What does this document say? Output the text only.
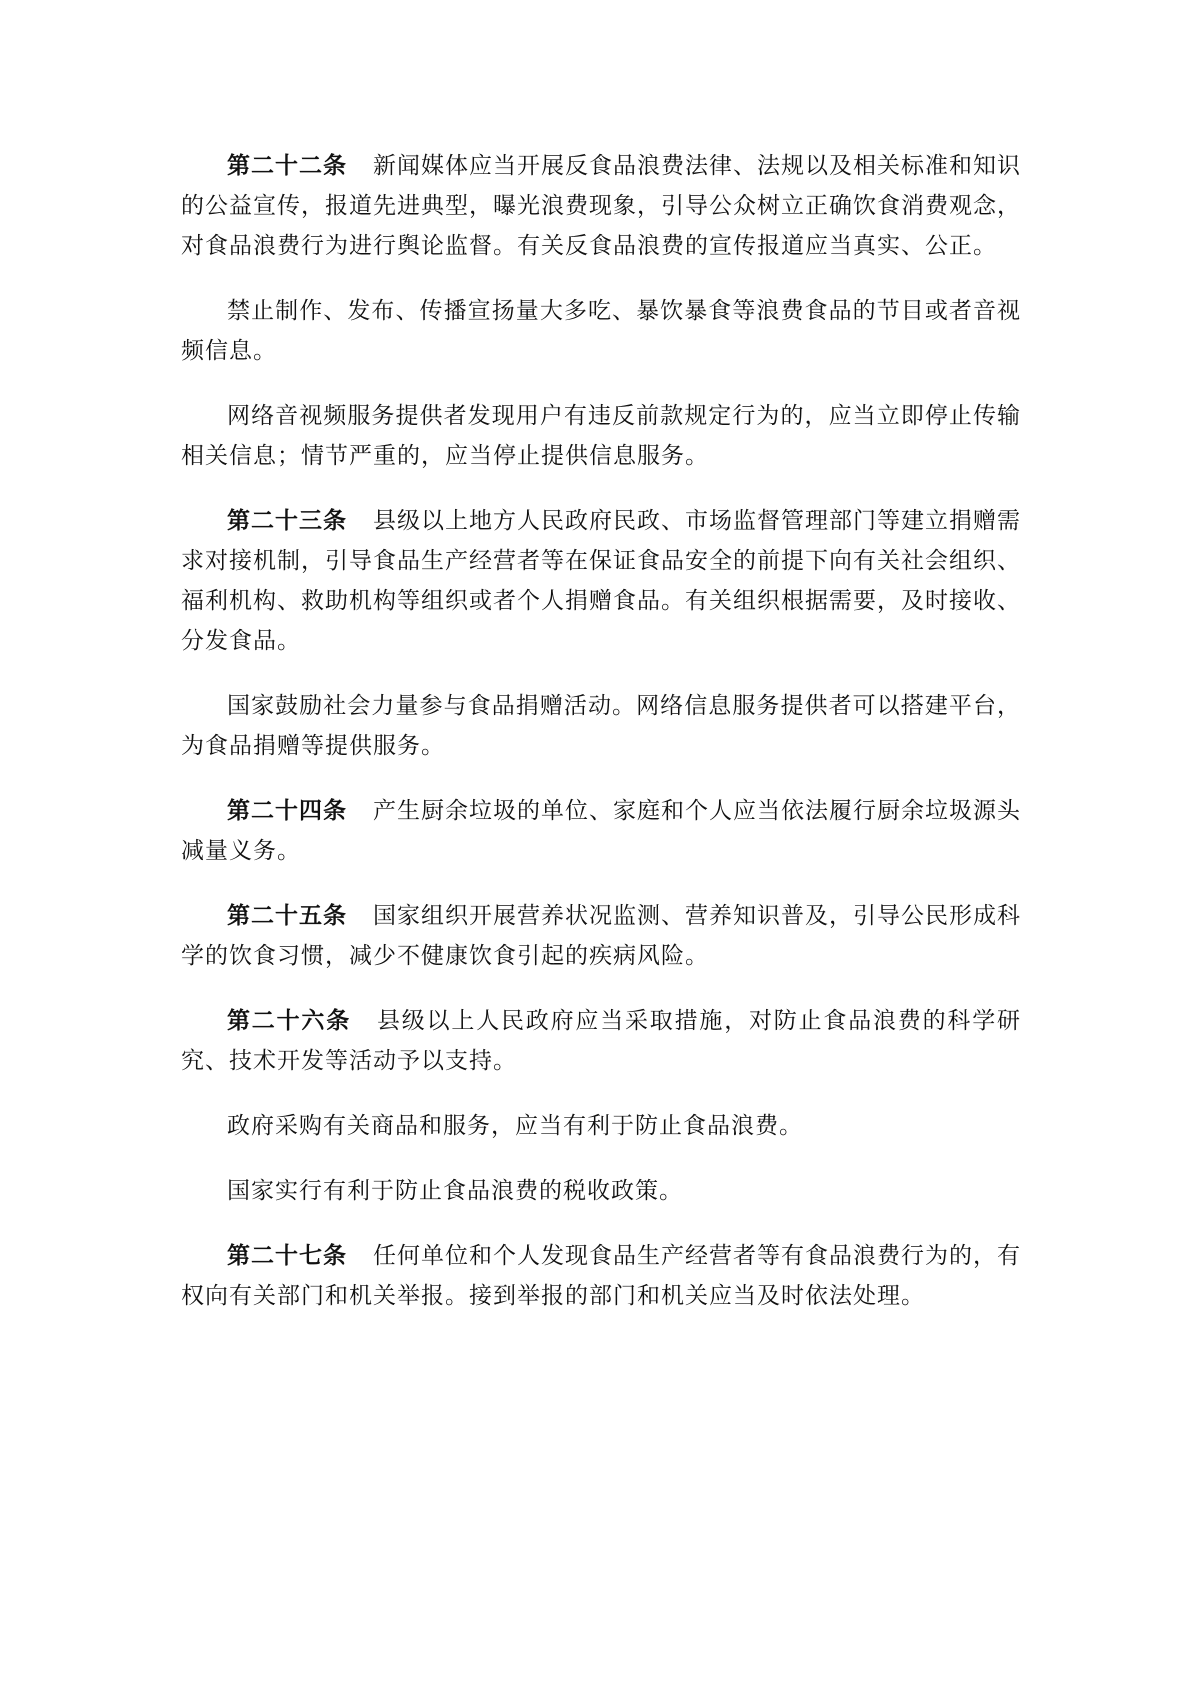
第二十二条 新闻媒体应当开展反食品浪费法律、法规以及相关标准和知识的公益宣传，报道先进典型，曝光浪费现象，引导公众树立正确饮食消费观念，对食品浪费行为进行舆论监督。有关反食品浪费的宣传报道应当真实、公正。

禁止制作、发布、传播宣扬量大多吃、暴饮暴食等浪费食品的节目或者音视频信息。

网络音视频服务提供者发现用户有违反前款规定行为的，应当立即停止传输相关信息；情节严重的，应当停止提供信息服务。

第二十三条 县级以上地方人民政府民政、市场监督管理部门等建立捐赠需求对接机制，引导食品生产经营者等在保证食品安全的前提下向有关社会组织、福利机构、救助机构等组织或者个人捐赠食品。有关组织根据需要，及时接收、分发食品。

国家鼓励社会力量参与食品捐赠活动。网络信息服务提供者可以搭建平台，为食品捐赠等提供服务。

第二十四条 产生厨余垃圾的单位、家庭和个人应当依法履行厨余垃圾源头减量义务。

第二十五条 国家组织开展营养状况监测、营养知识普及，引导公民形成科学的饮食习惯，减少不健康饮食引起的疾病风险。

第二十六条 县级以上人民政府应当采取措施，对防止食品浪费的科学研究、技术开发等活动予以支持。

政府采购有关商品和服务，应当有利于防止食品浪费。

国家实行有利于防止食品浪费的税收政策。

第二十七条 任何单位和个人发现食品生产经营者等有食品浪费行为的，有权向有关部门和机关举报。接到举报的部门和机关应当及时依法处理。
